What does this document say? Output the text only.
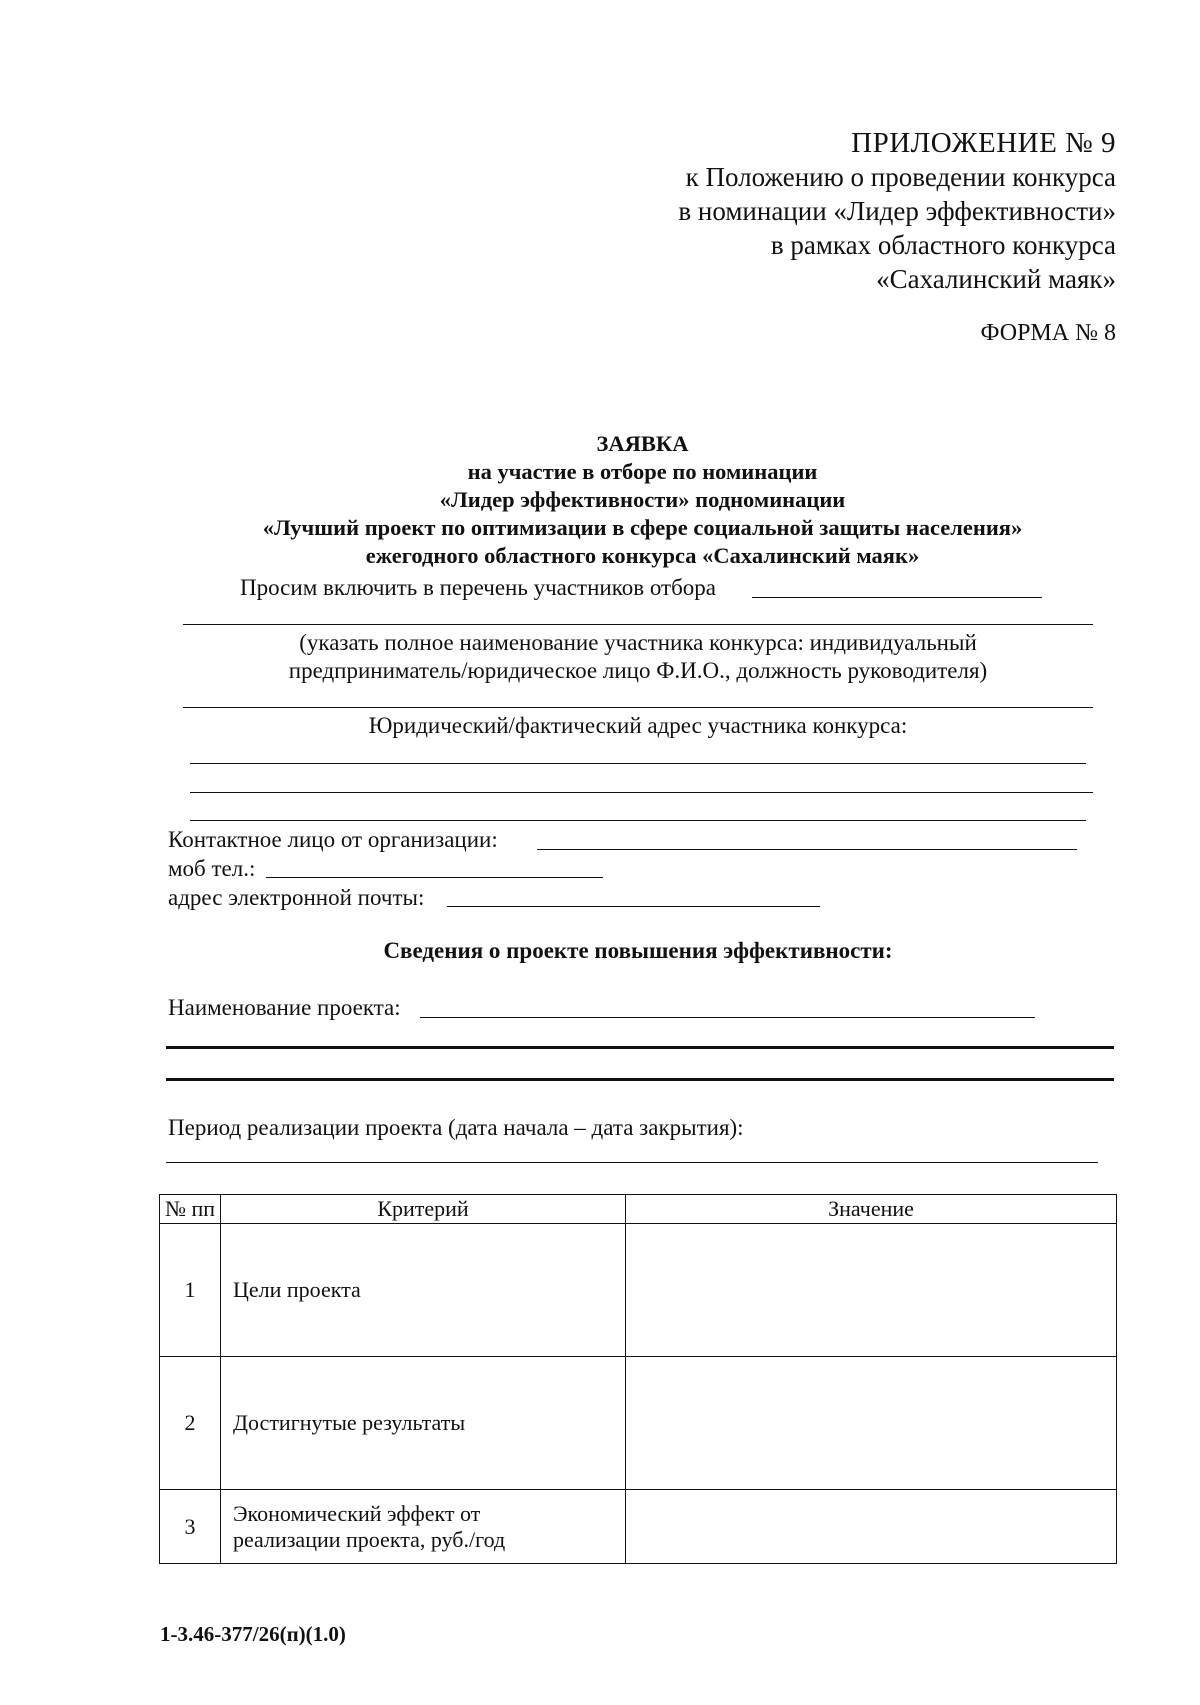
ПРИЛОЖЕНИЕ № 9
к Положению о проведении конкурса
в номинации «Лидер эффективности»
в рамках областного конкурса
«Сахалинский маяк»
ФОРМА № 8
ЗАЯВКА
на участие в отборе по номинации
«Лидер эффективности» подноминации
«Лучший проект по оптимизации в сфере социальной защиты населения»
ежегодного областного конкурса «Сахалинский маяк»
Просим включить в перечень участников отбора
(указать полное наименование участника конкурса: индивидуальный
предприниматель/юридическое лицо Ф.И.О., должность руководителя)
Юридический/фактический адрес участника конкурса:
Контактное лицо от организации:
моб тел.:
адрес электронной почты:
Сведения о проекте повышения эффективности:
Наименование проекта:
Период реализации проекта (дата начала – дата закрытия):
№ пп	Критерий	Значение
1	Цели проекта	
2	Достигнутые результаты	
3	Экономический эффект от
реализации проекта, руб./год	

1-3.46-377/26(п)(1.0)
